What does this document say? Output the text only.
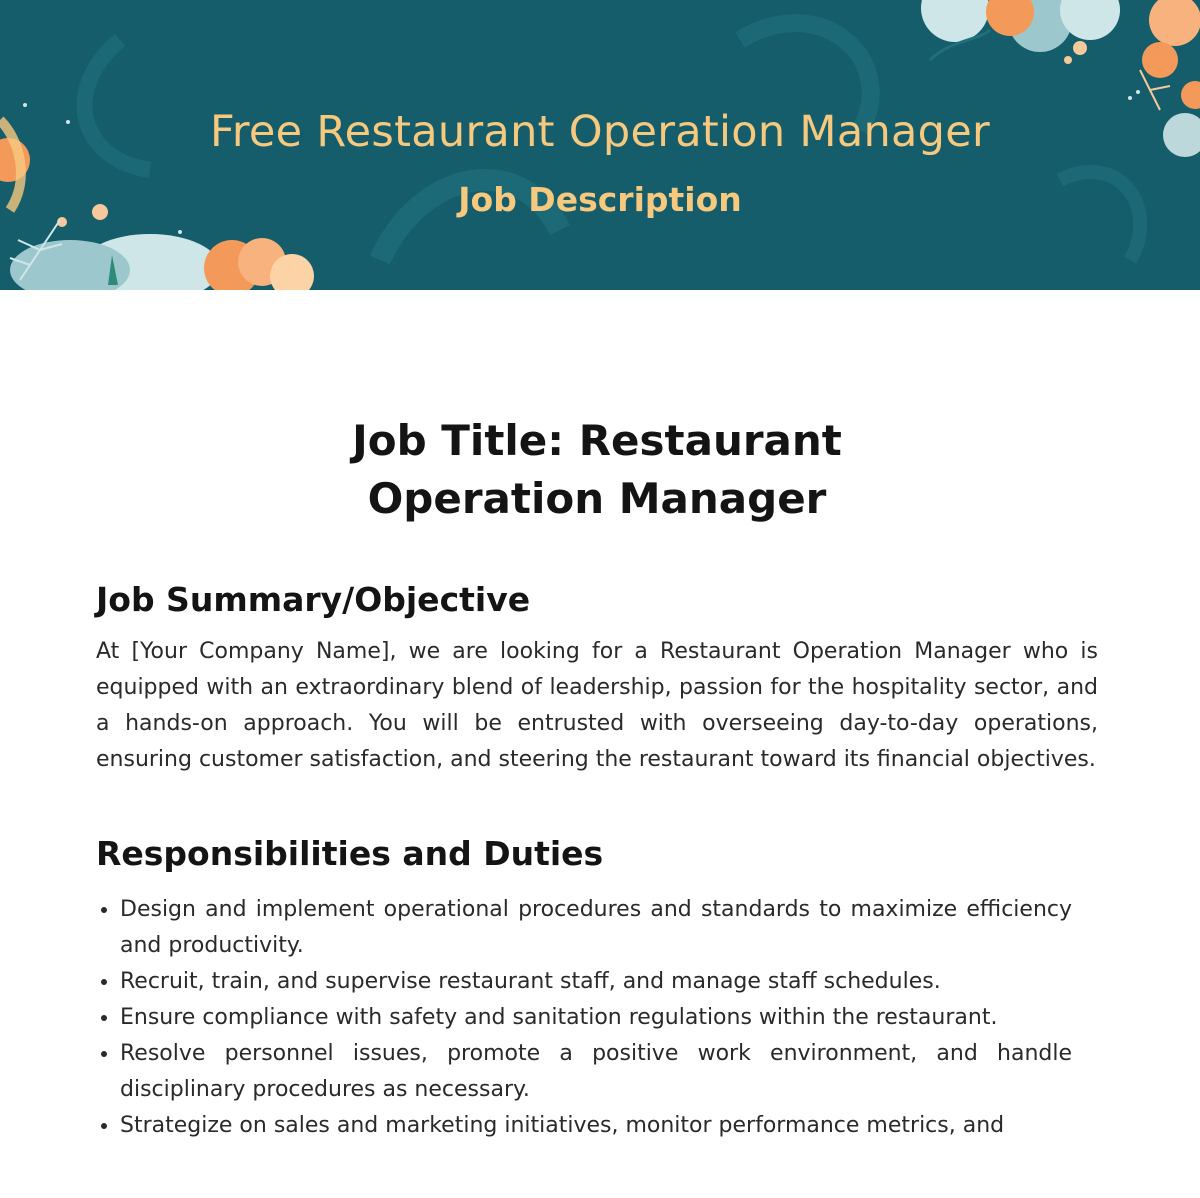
Free Restaurant Operation Manager
Job Description
Job Title: Restaurant Operation Manager
Job Summary/Objective

At [Your Company Name], we are looking for a Restaurant Operation Manager who is equipped with an extraordinary blend of leadership, passion for the hospitality sector, and a hands-on approach. You will be entrusted with overseeing day-to-day operations, ensuring customer satisfaction, and steering the restaurant toward its financial objectives.

Responsibilities and Duties
Design and implement operational procedures and standards to maximize efficiency and productivity.
Recruit, train, and supervise restaurant staff, and manage staff schedules.
Ensure compliance with safety and sanitation regulations within the restaurant.
Resolve personnel issues, promote a positive work environment, and handle disciplinary procedures as necessary.
Strategize on sales and marketing initiatives, monitor performance metrics, and
